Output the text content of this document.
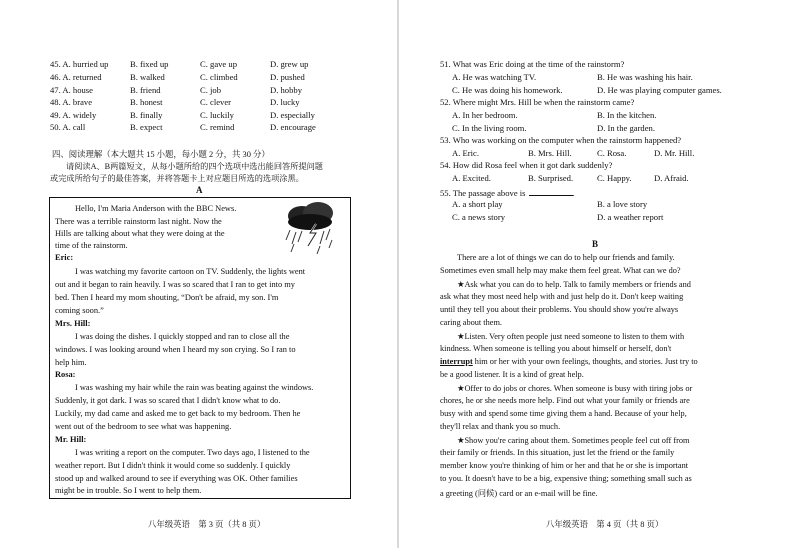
45. A. hurried up	B. fixed up	C. gave up	D. grew up
46. A. returned	B. walked	C. climbed	D. pushed
47. A. house	B. friend	C. job	D. hobby
48. A. brave	B. honest	C. clever	D. lucky
49. A. widely	B. finally	C. luckily	D. especially
50. A. call	B. expect	C. remind	D. encourage
四、阅读理解（本大题共 15 小题，每小题 2 分，共 30 分）
请阅读A、B两篇短文，从每小题所给的四个选项中选出能回答所提问题
或完成所给句子的最佳答案，并将答题卡上对应题目所选的选项涂黑。
A
Hello, I'm Maria Anderson with the BBC News.
There was a terrible rainstorm last night. Now the
Hills are talking about what they were doing at the
time of the rainstorm.
Eric:
I was watching my favorite cartoon on TV. Suddenly, the lights went
out and it began to rain heavily. I was so scared that I ran to get into my
bed. Then I heard my mom shouting, “Don't be afraid, my son. I'm
coming soon.”
Mrs. Hill:
I was doing the dishes. I quickly stopped and ran to close all the
windows. I was looking around when I heard my son crying. So I ran to
help him.
Rosa:
I was washing my hair while the rain was beating against the windows.
Suddenly, it got dark. I was so scared that I didn't know what to do.
Luckily, my dad came and asked me to get back to my bedroom. Then he
went out of the bedroom to see what was happening.
Mr. Hill:
I was writing a report on the computer. Two days ago, I listened to the
weather report. But I didn't think it would come so suddenly. I quickly
stood up and walked around to see if everything was OK. Other families
might be in trouble. So I went to help them.
八年级英语　第 3 页（共 8 页）
51. What was Eric doing at the time of the rainstorm?
A. He was watching TV.	B. He was washing his hair.
C. He was doing his homework.	D. He was playing computer games.
52. Where might Mrs. Hill be when the rainstorm came?
A. In her bedroom.	B. In the kitchen.
C. In the living room.	D. In the garden.
53. Who was working on the computer when the rainstorm happened?
A. Eric.	B. Mrs. Hill.	C. Rosa.	D. Mr. Hill.
54. How did Rosa feel when it got dark suddenly?
A. Excited.	B. Surprised.	C. Happy.	D. Afraid.
55. The passage above is	.
A. a short play	B. a love story
C. a news story	D. a weather report
B
There are a lot of things we can do to help our friends and family.
Sometimes even small help may make them feel great. What can we do?
★Ask what you can do to help. Talk to family members or friends and
ask what they most need help with and just help do it. Don't keep waiting
until they tell you about their problems. You should show you're always
caring about them.
★Listen. Very often people just need someone to listen to them with
kindness. When someone is telling you about himself or herself, don't
interrupt him or her with your own feelings, thoughts, and stories. Just try to
be a good listener. It is a kind of great help.
★Offer to do jobs or chores. When someone is busy with tiring jobs or
chores, he or she needs more help. Find out what your family or friends are
busy with and spend some time giving them a hand. Because of your help,
they'll relax and thank you so much.
★Show you're caring about them. Sometimes people feel cut off from
their family or friends. In this situation, just let the friend or the family
member know you're thinking of him or her and that he or she is important
to you. It doesn't have to be a big, expensive thing; something small such as
a greeting (问候) card or an e-mail will be fine.
八年级英语　第 4 页（共 8 页）
